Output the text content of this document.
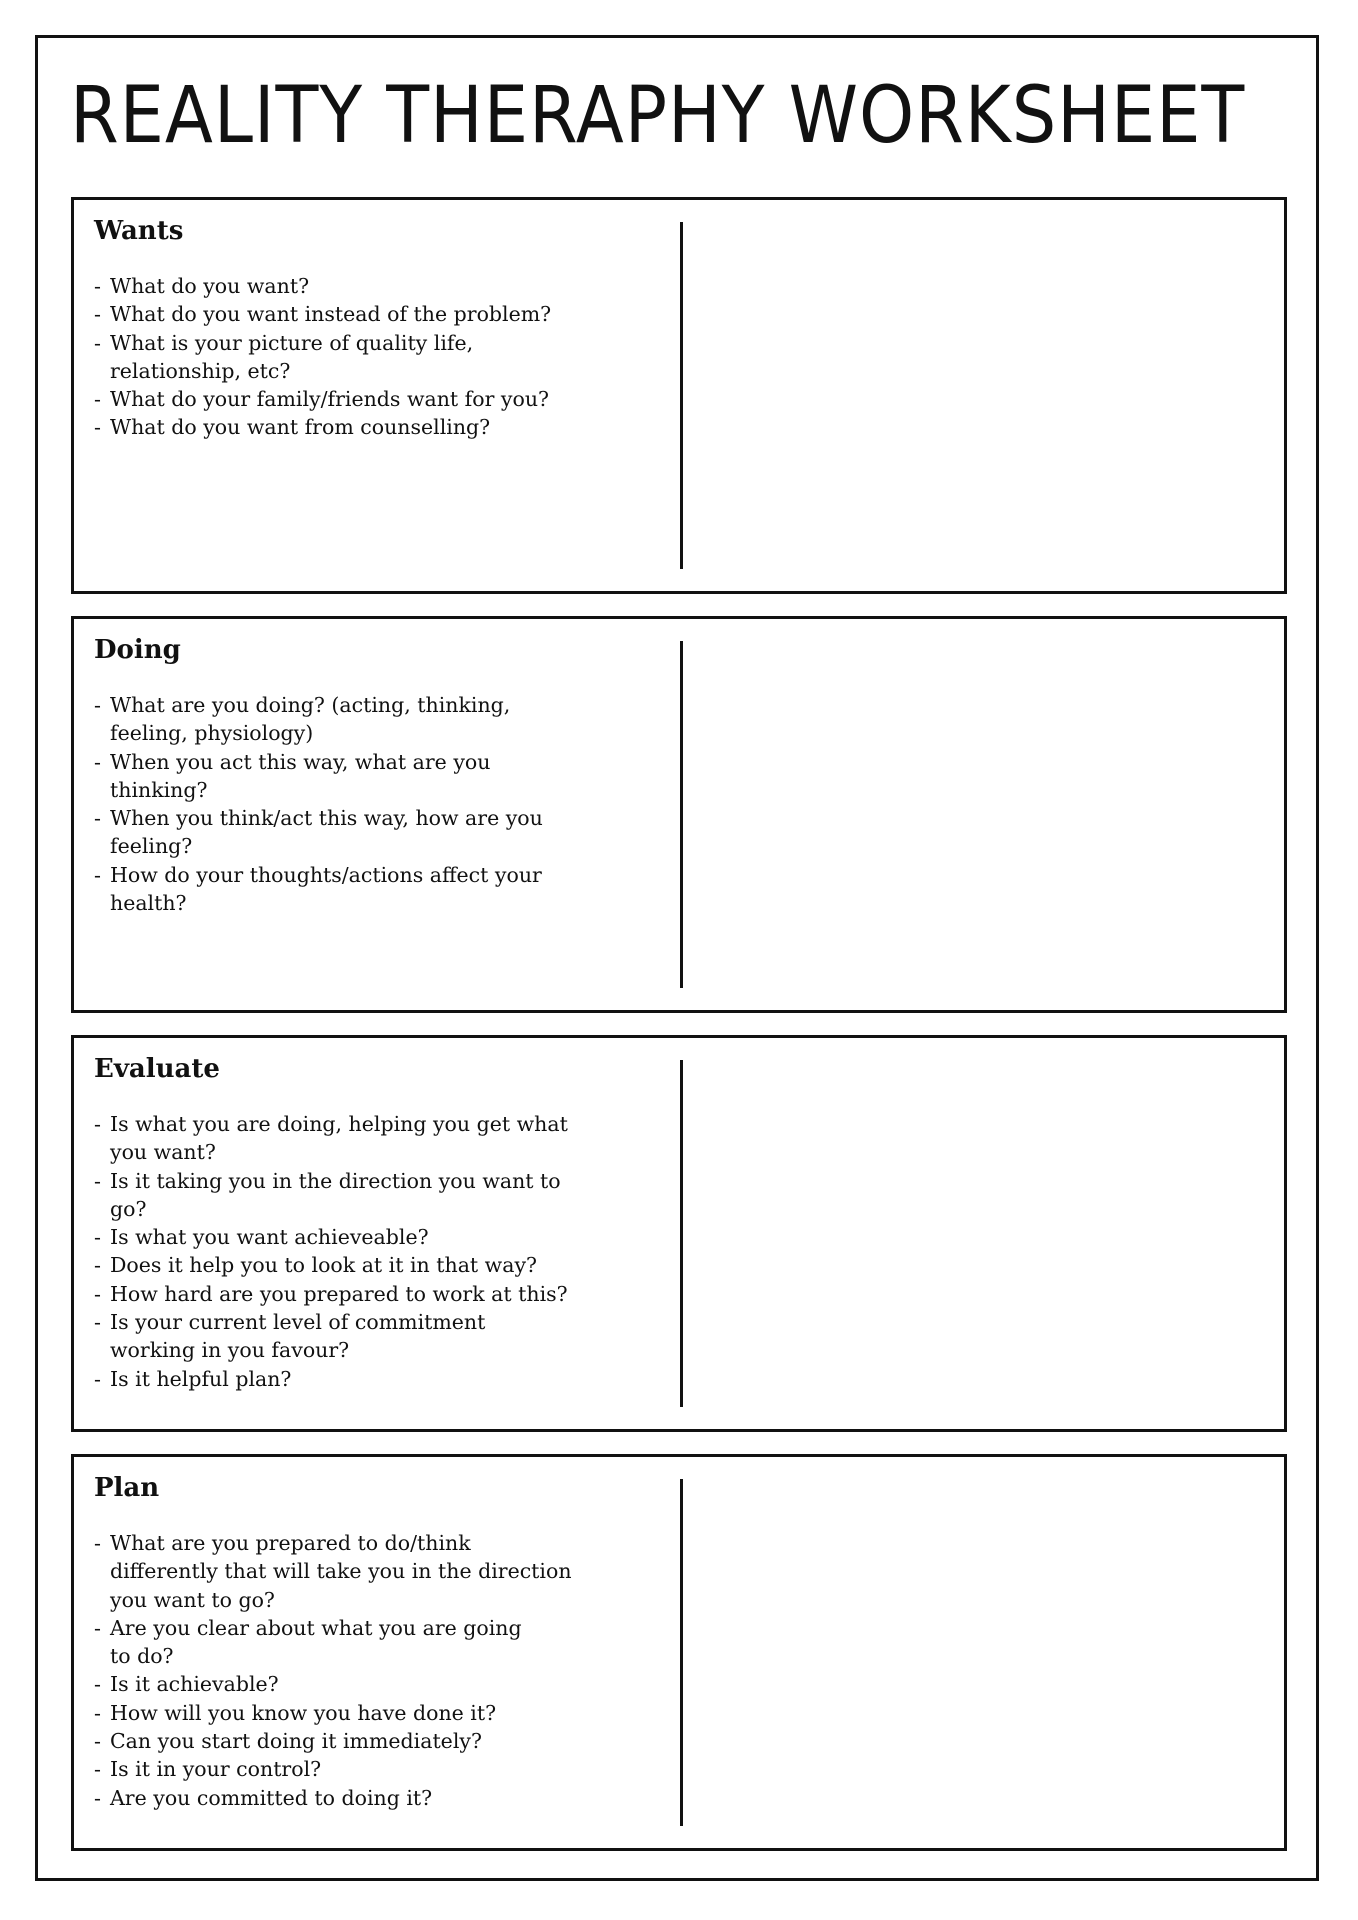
REALITY THERAPHY WORKSHEET
Wants
- What do you want?
- What do you want instead of the problem?
- What is your picture of quality life,
relationship, etc?
- What do your family/friends want for you?
- What do you want from counselling?
Doing
- What are you doing? (acting, thinking,
feeling, physiology)
- When you act this way, what are you
thinking?
- When you think/act this way, how are you
feeling?
- How do your thoughts/actions affect your
health?
Evaluate
- Is what you are doing, helping you get what
you want?
- Is it taking you in the direction you want to
go?
- Is what you want achieveable?
- Does it help you to look at it in that way?
- How hard are you prepared to work at this?
- Is your current level of commitment
working in you favour?
- Is it helpful plan?
Plan
- What are you prepared to do/think
differently that will take you in the direction
you want to go?
- Are you clear about what you are going
to do?
- Is it achievable?
- How will you know you have done it?
- Can you start doing it immediately?
- Is it in your control?
- Are you committed to doing it?
